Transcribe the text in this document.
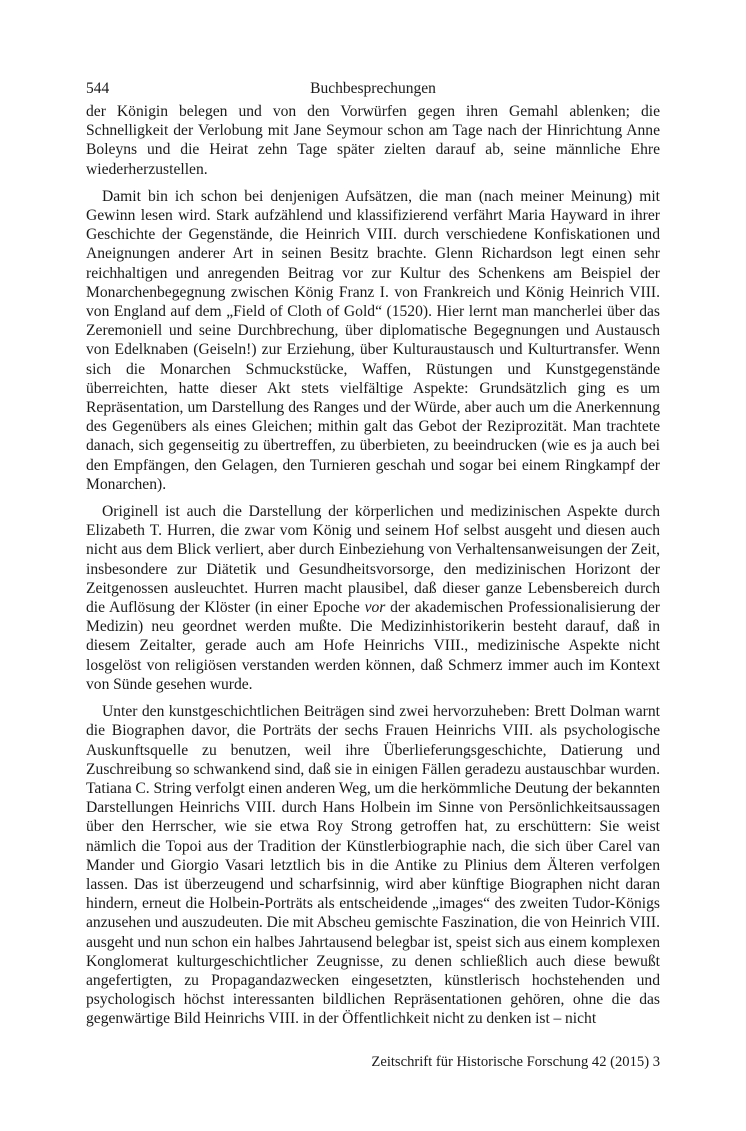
544	Buchbesprechungen

der Königin belegen und von den Vorwürfen gegen ihren Gemahl ablenken; die Schnelligkeit der Verlobung mit Jane Seymour schon am Tage nach der Hinrichtung Anne Boleyns und die Heirat zehn Tage später zielten darauf ab, seine männliche Ehre wiederherzustellen.

Damit bin ich schon bei denjenigen Aufsätzen, die man (nach meiner Meinung) mit Gewinn lesen wird. Stark aufzählend und klassifizierend verfährt Maria Hayward in ihrer Geschichte der Gegenstände, die Heinrich VIII. durch verschiedene Konfiskationen und Aneignungen anderer Art in seinen Besitz brachte. Glenn Richardson legt einen sehr reichhaltigen und anregenden Beitrag vor zur Kultur des Schenkens am Beispiel der Monarchenbegegnung zwischen König Franz I. von Frankreich und König Heinrich VIII. von England auf dem „Field of Cloth of Gold“ (1520). Hier lernt man mancherlei über das Zeremoniell und seine Durchbrechung, über diplomatische Begegnungen und Austausch von Edelknaben (Geiseln!) zur Erziehung, über Kulturaustausch und Kulturtransfer. Wenn sich die Monarchen Schmuckstücke, Waffen, Rüstungen und Kunstgegenstände überreichten, hatte dieser Akt stets vielfältige Aspekte: Grundsätzlich ging es um Repräsentation, um Darstellung des Ranges und der Würde, aber auch um die Anerkennung des Gegenübers als eines Gleichen; mithin galt das Gebot der Reziprozität. Man trachtete danach, sich gegenseitig zu übertreffen, zu überbieten, zu beeindrucken (wie es ja auch bei den Empfängen, den Gelagen, den Turnieren geschah und sogar bei einem Ringkampf der Monarchen).

Originell ist auch die Darstellung der körperlichen und medizinischen Aspekte durch Elizabeth T. Hurren, die zwar vom König und seinem Hof selbst ausgeht und diesen auch nicht aus dem Blick verliert, aber durch Einbeziehung von Verhaltensanweisungen der Zeit, insbesondere zur Diätetik und Gesundheitsvorsorge, den medizinischen Horizont der Zeitgenossen ausleuchtet. Hurren macht plausibel, daß dieser ganze Lebensbereich durch die Auflösung der Klöster (in einer Epoche vor der akademischen Professionalisierung der Medizin) neu geordnet werden mußte. Die Medizinhistorikerin besteht darauf, daß in diesem Zeitalter, gerade auch am Hofe Heinrichs VIII., medizinische Aspekte nicht losgelöst von religiösen verstanden werden können, daß Schmerz immer auch im Kontext von Sünde gesehen wurde.

Unter den kunstgeschichtlichen Beiträgen sind zwei hervorzuheben: Brett Dolman warnt die Biographen davor, die Porträts der sechs Frauen Heinrichs VIII. als psychologische Auskunftsquelle zu benutzen, weil ihre Überlieferungsgeschichte, Datierung und Zuschreibung so schwankend sind, daß sie in einigen Fällen geradezu austauschbar wurden. Tatiana C. String verfolgt einen anderen Weg, um die herkömmliche Deutung der bekannten Darstellungen Heinrichs VIII. durch Hans Holbein im Sinne von Persönlichkeitsaussagen über den Herrscher, wie sie etwa Roy Strong getroffen hat, zu erschüttern: Sie weist nämlich die Topoi aus der Tradition der Künstlerbiographie nach, die sich über Carel van Mander und Giorgio Vasari letztlich bis in die Antike zu Plinius dem Älteren verfolgen lassen. Das ist überzeugend und scharfsinnig, wird aber künftige Biographen nicht daran hindern, erneut die Holbein-Porträts als entscheidende „images“ des zweiten Tudor-Königs anzusehen und auszudeuten. Die mit Abscheu gemischte Faszination, die von Heinrich VIII. ausgeht und nun schon ein halbes Jahrtausend belegbar ist, speist sich aus einem komplexen Konglomerat kulturgeschichtlicher Zeugnisse, zu denen schließlich auch diese bewußt angefertigten, zu Propagandazwecken eingesetzten, künstlerisch hochstehenden und psychologisch höchst interessanten bildlichen Repräsentationen gehören, ohne die das gegenwärtige Bild Heinrichs VIII. in der Öffentlichkeit nicht zu denken ist – nicht

Zeitschrift für Historische Forschung 42 (2015) 3
